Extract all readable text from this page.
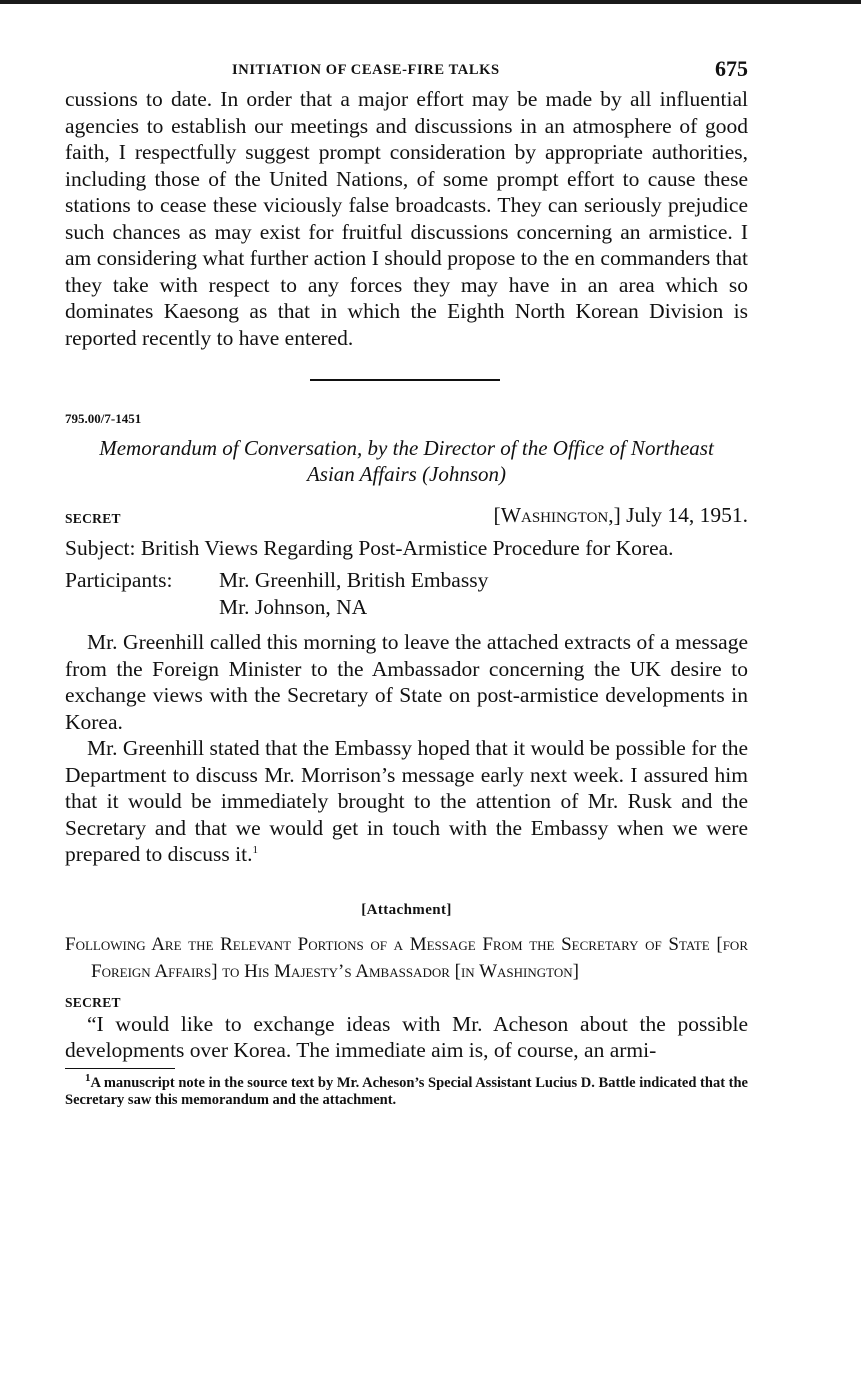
INITIATION OF CEASE-FIRE TALKS	675

cussions to date. In order that a major effort may be made by all influential agencies to establish our meetings and discussions in an atmosphere of good faith, I respectfully suggest prompt consideration by appropriate authorities, including those of the United Nations, of some prompt effort to cause these stations to cease these viciously false broadcasts. They can seriously prejudice such chances as may exist for fruitful discussions concerning an armistice. I am considering what further action I should propose to the en commanders that they take with respect to any forces they may have in an area which so dominates Kaesong as that in which the Eighth North Korean Division is reported recently to have entered.

795.00/7-1451
Memorandum of Conversation, by the Director of the Office of Northeast Asian Affairs (Johnson)
SECRET	[Washington,] July 14, 1951.
Subject: British Views Regarding Post-Armistice Procedure for Korea.
Participants:	Mr. Greenhill, British Embassy
Mr. Johnson, NA

Mr. Greenhill called this morning to leave the attached extracts of a message from the Foreign Minister to the Ambassador concerning the UK desire to exchange views with the Secretary of State on post-armistice developments in Korea.

Mr. Greenhill stated that the Embassy hoped that it would be possible for the Department to discuss Mr. Morrison’s message early next week. I assured him that it would be immediately brought to the attention of Mr. Rusk and the Secretary and that we would get in touch with the Embassy when we were prepared to discuss it.$^1$

[Attachment]
Following Are the Relevant Portions of a Message From the Secretary of State [for Foreign Affairs] to His Majesty’s Ambassador [in Washington]
SECRET

“I would like to exchange ideas with Mr. Acheson about the possible developments over Korea. The immediate aim is, of course, an armi-

$^1$A manuscript note in the source text by Mr. Acheson’s Special Assistant Lucius D. Battle indicated that the Secretary saw this memorandum and the attachment.
